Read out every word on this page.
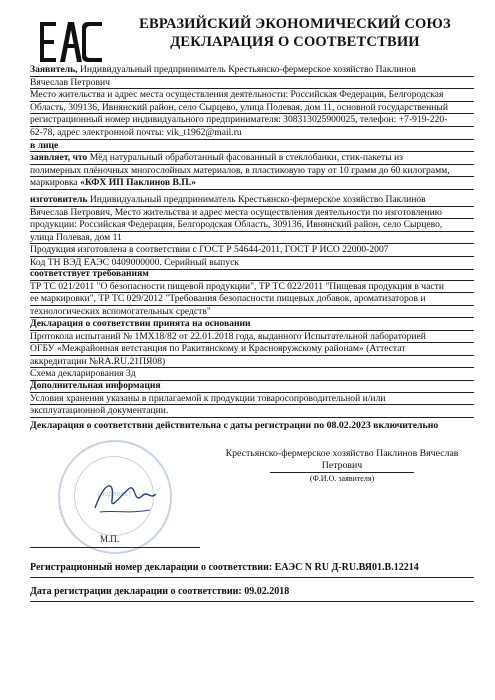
ЕВРАЗИЙСКИЙ ЭКОНОМИЧЕСКИЙ СОЮЗ
ДЕКЛАРАЦИЯ О СООТВЕТСТВИИ
Заявитель, Индивидуальный предприниматель Крестьянско-фермерское хозяйство Паклинов
Вячеслав Петрович
Место жительства и адрес места осуществления деятельности: Российская Федерация, Белгородская
Область, 309136, Ивнянский район, село Сырцево, улица Полевая, дом 11, основной государственный
регистрационный номер индивидуального предпринимателя: 308313025900025, телефон: +7-919-220-
62-78, адрес электронной почты: vik_t1962@mail.ru
в лице
заявляет, что Мёд натуральный обработанный фасованный в стеклобанки, стик-пакеты из
полимерных плёночных многослойных материалов, в пластиковую тару от 10 грамм до 60 килограмм,
маркировка «КФХ ИП Паклинов В.П.»
изготовитель Индивидуальный предприниматель Крестьянско-фермерское хозяйство Паклинов
Вячеслав Петрович, Место жительства и адрес места осуществления деятельности по изготовлению
продукции: Российская Федерация, Белгородская Область, 309136, Ивнянский район, село Сырцево,
улица Полевая, дом 11
Продукция изготовлена в соответствии с ГОСТ Р 54644-2011, ГОСТ Р ИСО 22000-2007
Код ТН ВЭД ЕАЭС 0409000000. Серийный выпуск
соответствует требованиям
ТР ТС 021/2011 "О безопасности пищевой продукции", ТР ТС 022/2011 "Пищевая продукция в части
ее маркировки", ТР ТС 029/2012 "Требования безопасности пищевых добавок, ароматизаторов и
технологических вспомогательных средств"
Декларация о соответствии принята на основании
Протокола испытаний № 1МХ18/82 от 22.01.2018 года, выданного Испытательной лабораторией
ОГБУ «Межрайонная ветстанция по Ракитянскому и Краснояружскому районам» (Аттестат
аккредитации №RA.RU.21ПЯ08)
Схема декларирования 3д
Дополнительная информация
Условия хранения указаны в прилагаемой к продукции товаросопроводительной и/или
эксплуатационной документации.
Декларация о соответствии действительна с даты регистрации по 08.02.2023 включительно
(подпись)
Крестьянско-фермерское хозяйство Паклинов Вячеслав
Петрович
(Ф.И.О. заявителя)
М.П.
Регистрационный номер декларации о соответствии: ЕАЭС N RU Д-RU.ВЯ01.В.12214
Дата регистрации декларации о соответствии: 09.02.2018
